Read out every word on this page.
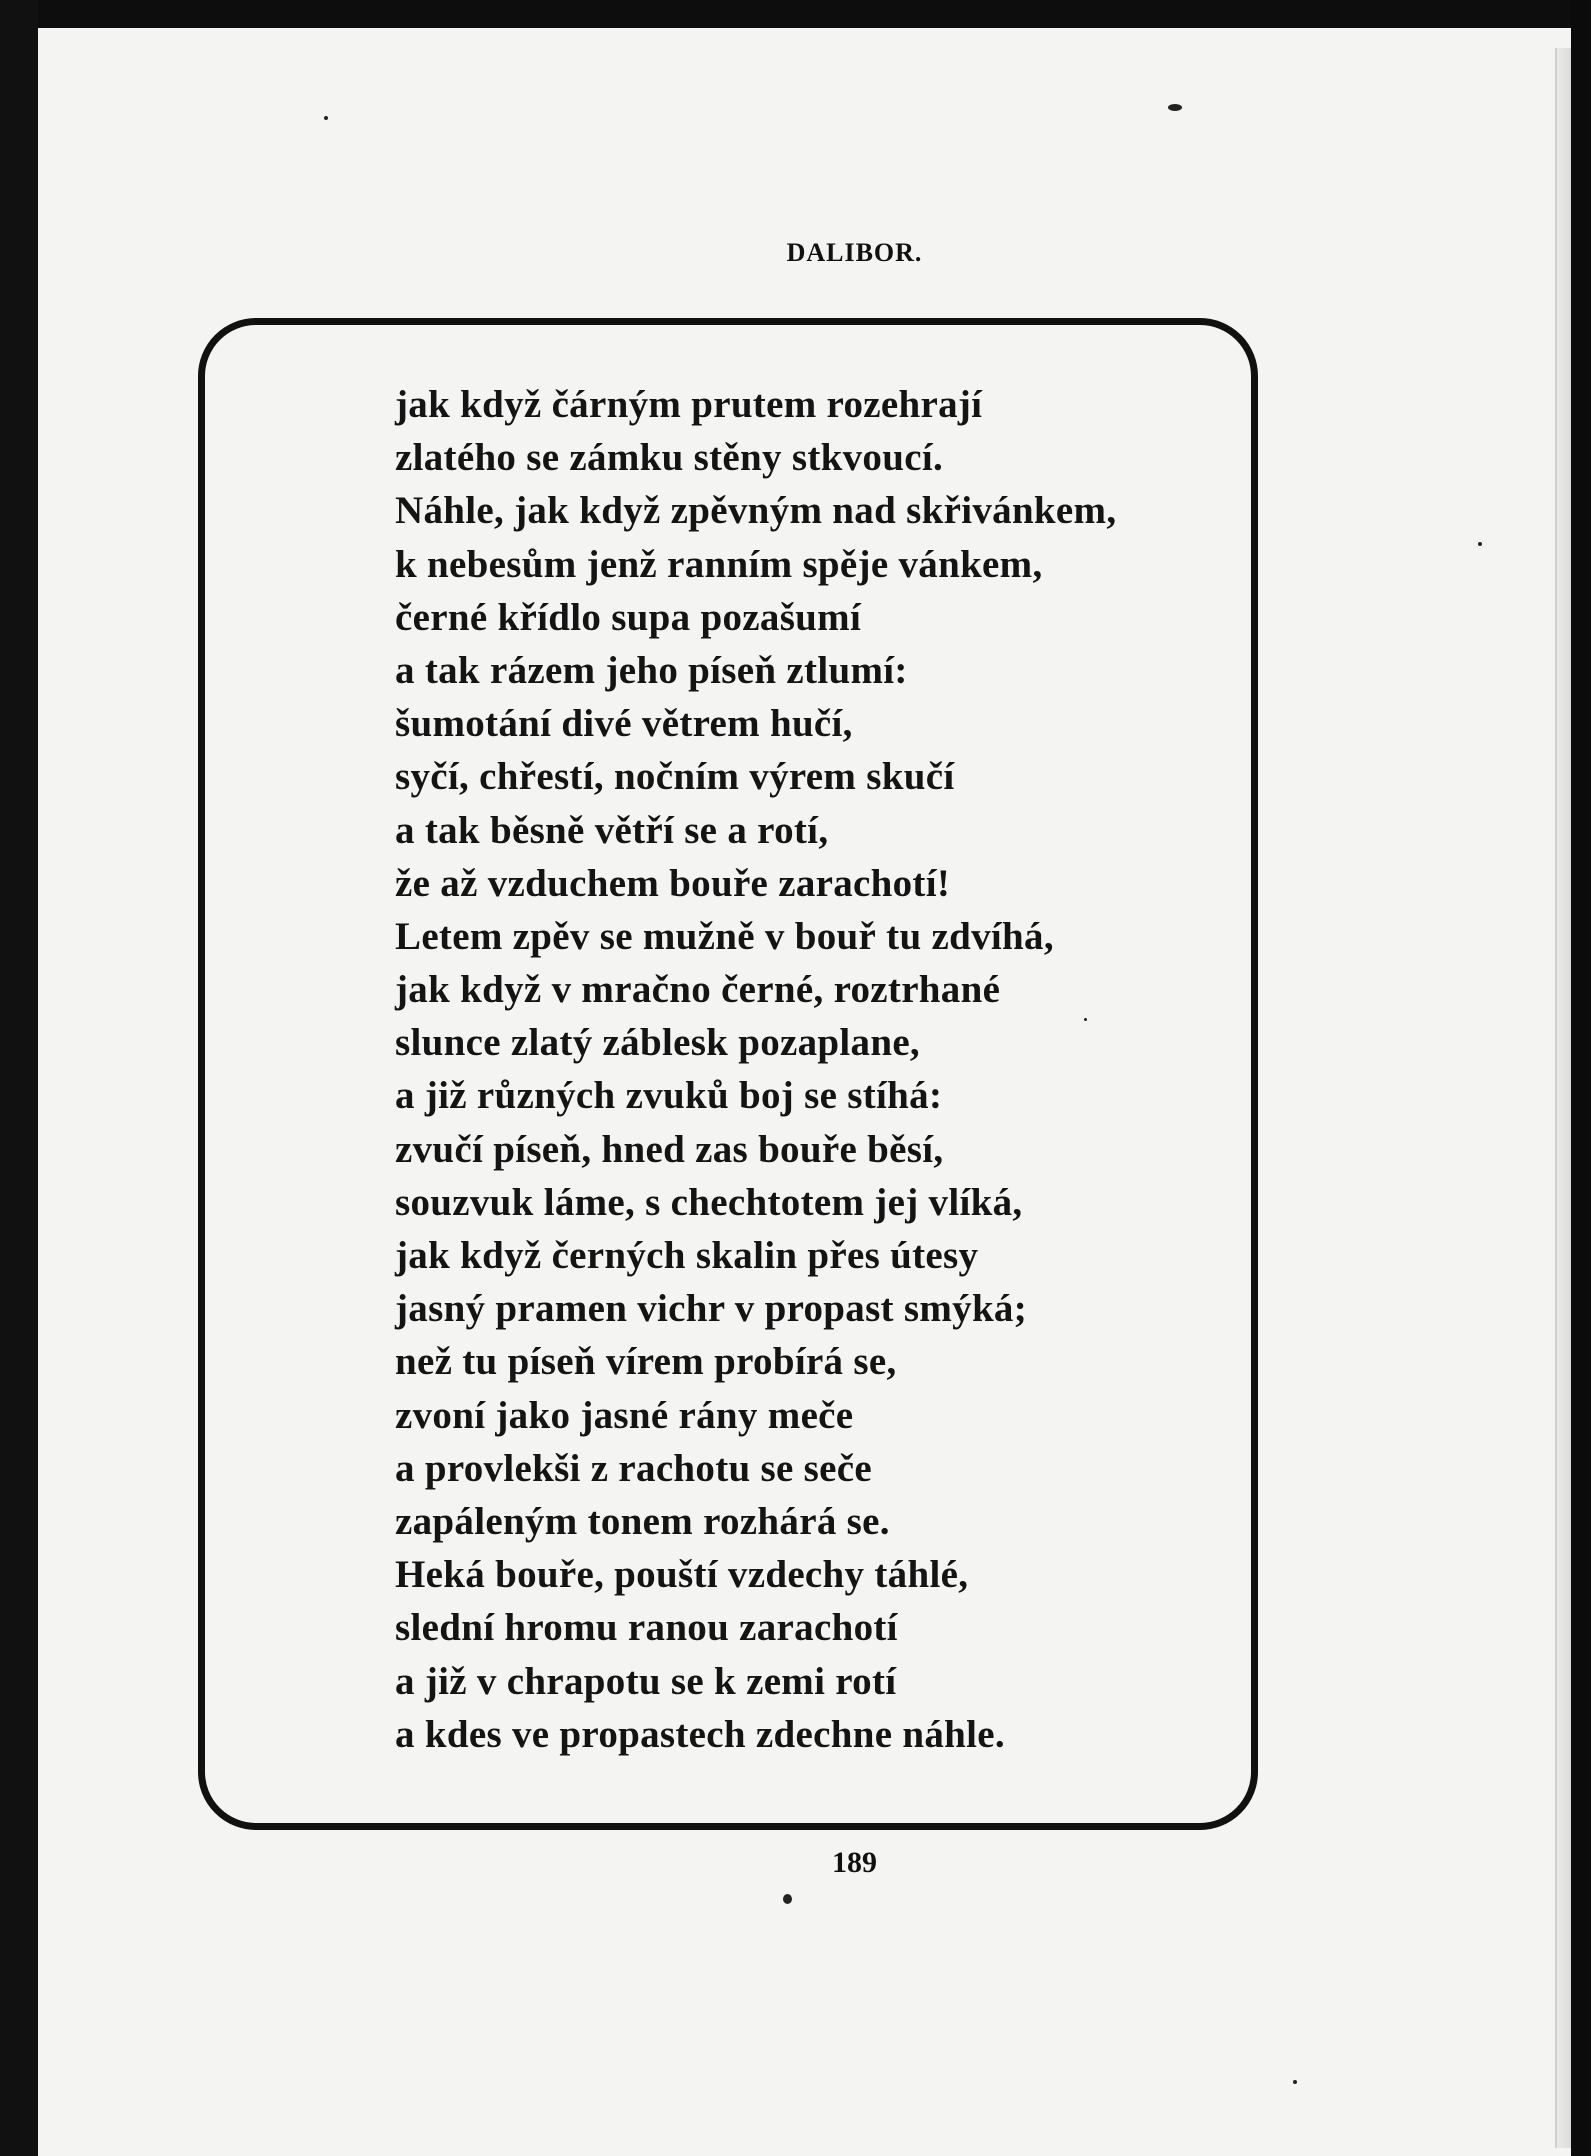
DALIBOR.
jak když čárným prutem rozehrají
zlatého se zámku stěny stkvoucí.
Náhle, jak když zpěvným nad skřivánkem,
k nebesům jenž ranním spěje vánkem,
černé křídlo supa pozašumí
a tak rázem jeho píseň ztlumí:
šumotání divé větrem hučí,
syčí, chřestí, nočním výrem skučí
a tak běsně větří se a rotí,
že až vzduchem bouře zarachotí!
Letem zpěv se mužně v bouř tu zdvíhá,
jak když v mračno černé, roztrhané
slunce zlatý záblesk pozaplane,
a již různých zvuků boj se stíhá:
zvučí píseň, hned zas bouře běsí,
souzvuk láme, s chechtotem jej vlíká,
jak když černých skalin přes útesy
jasný pramen vichr v propast smýká;
než tu píseň vírem probírá se,
zvoní jako jasné rány meče
a provlekši z rachotu se seče
zapáleným tonem rozhárá se.
Heká bouře, pouští vzdechy táhlé,
slední hromu ranou zarachotí
a již v chrapotu se k zemi rotí
a kdes ve propastech zdechne náhle.
189
